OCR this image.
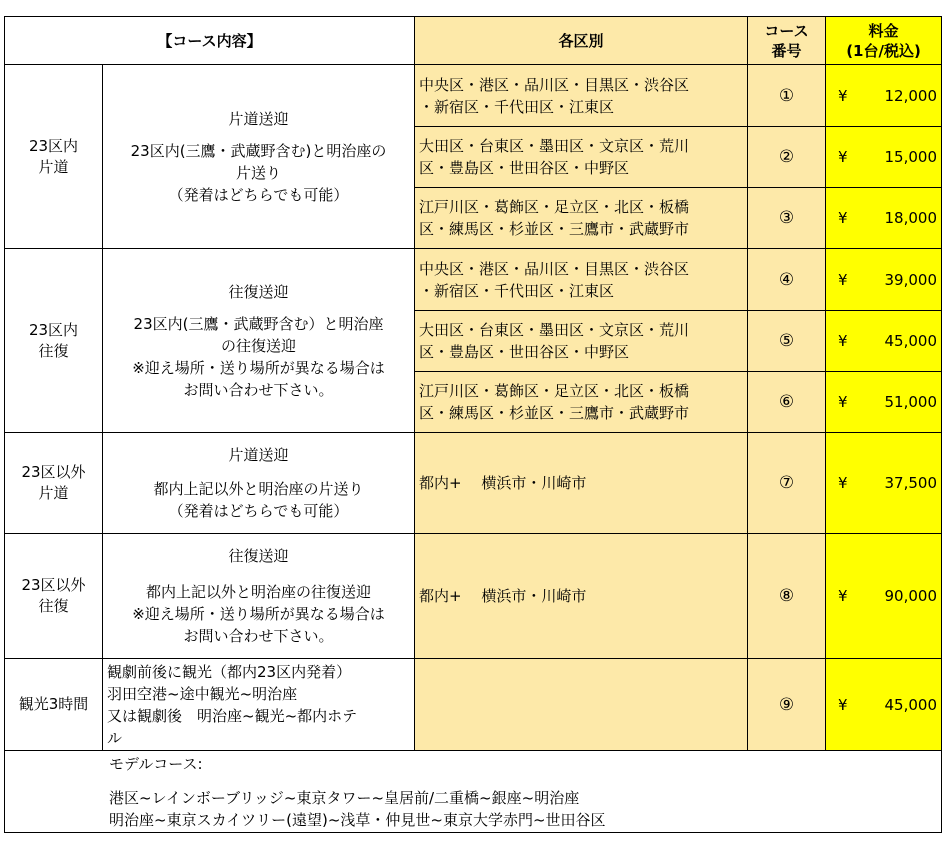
【コース内容】		各区別	コース
番号	料金
(1台/税込)

23区内
片道	片道送迎
23区内(三鷹・武蔵野含む)と明治座の
片送り
（発着はどちらでも可能）	中央区・港区・品川区・目黒区・渋谷区
・新宿区・千代田区・江東区	①	¥ 12,000

		大田区・台東区・墨田区・文京区・荒川
区・豊島区・世田谷区・中野区	②	¥ 15,000

		江戸川区・葛飾区・足立区・北区・板橋
区・練馬区・杉並区・三鷹市・武蔵野市	③	¥ 18,000

23区内
往復	往復送迎
23区内(三鷹・武蔵野含む）と明治座
の往復送迎
※迎え場所・送り場所が異なる場合は
お問い合わせ下さい。	中央区・港区・品川区・目黒区・渋谷区
・新宿区・千代田区・江東区	④	¥ 39,000

		大田区・台東区・墨田区・文京区・荒川
区・豊島区・世田谷区・中野区	⑤	¥ 45,000

		江戸川区・葛飾区・足立区・北区・板橋
区・練馬区・杉並区・三鷹市・武蔵野市	⑥	¥ 51,000

23区以外
片道	片道送迎
都内上記以外と明治座の片送り
（発着はどちらでも可能）	都内+　 横浜市・川崎市	⑦	¥ 37,500

23区以外
往復	往復送迎
都内上記以外と明治座の往復送迎
※迎え場所・送り場所が異なる場合は
お問い合わせ下さい。	都内+　 横浜市・川崎市	⑧	¥ 90,000

観光3時間	観劇前後に観光（都内23区内発着）
羽田空港~途中観光~明治座
又は観劇後　明治座~観光~都内ホテ
ル		⑨	¥ 45,000

モデルコース:
港区~レインボーブリッジ~東京タワー~皇居前/二重橋~銀座~明治座
明治座~東京スカイツリー(遠望)~浅草・仲見世~東京大学赤門~世田谷区				
